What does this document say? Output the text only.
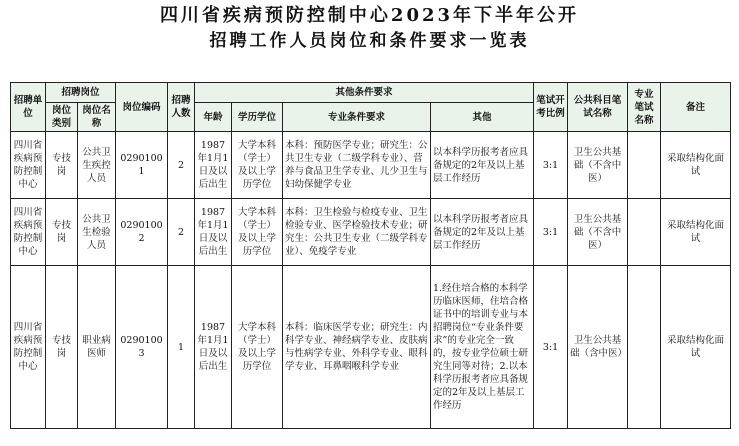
四川省疾病预防控制中心2023年下半年公开
招聘工作人员岗位和条件要求一览表
招聘单位	招聘岗位		岗位编码	招聘人数	其他条件要求				笔试开考比例	公共科目笔试名称	专业笔试名称	备注
	岗位类别	岗位名称			年龄	学历学位	专业条件要求	其他				
四川省疾病预防控制中心	专技岗	公共卫生疾控人员	02901001	2	1987年1月1日及以后出生	大学本科（学士）及以上学历学位	本科：预防医学专业；研究生：公共卫生专业（二级学科专业）、营养与食品卫生学专业、儿少卫生与妇幼保健学专业	以本科学历报考者应具备规定的2年及以上基层工作经历	3:1	卫生公共基础（不含中医）		采取结构化面试
四川省疾病预防控制中心	专技岗	公共卫生检验人员	02901002	2	1987年1月1日及以后出生	大学本科（学士）及以上学历学位	本科：卫生检验与检疫专业、卫生检验专业、医学检验技术专业；研究生：公共卫生专业（二级学科专业）、免疫学专业	以本科学历报考者应具备规定的2年及以上基层工作经历	3:1	卫生公共基础（不含中医）		采取结构化面试
四川省疾病预防控制中心	专技岗	职业病医师	02901003	1	1987年1月1日及以后出生	大学本科（学士）及以上学历学位	本科：临床医学专业；研究生：内科学专业、神经病学专业、皮肤病与性病学专业、外科学专业、眼科学专业、耳鼻咽喉科学专业	1.经住培合格的本科学历临床医师，住培合格证书中的培训专业与本招聘岗位“专业条件要求”的专业完全一致的，按专业学位硕士研究生同等对待；2.以本科学历报考者应具备规定的2年及以上基层工作经历	3:1	卫生公共基础（含中医）		采取结构化面试
